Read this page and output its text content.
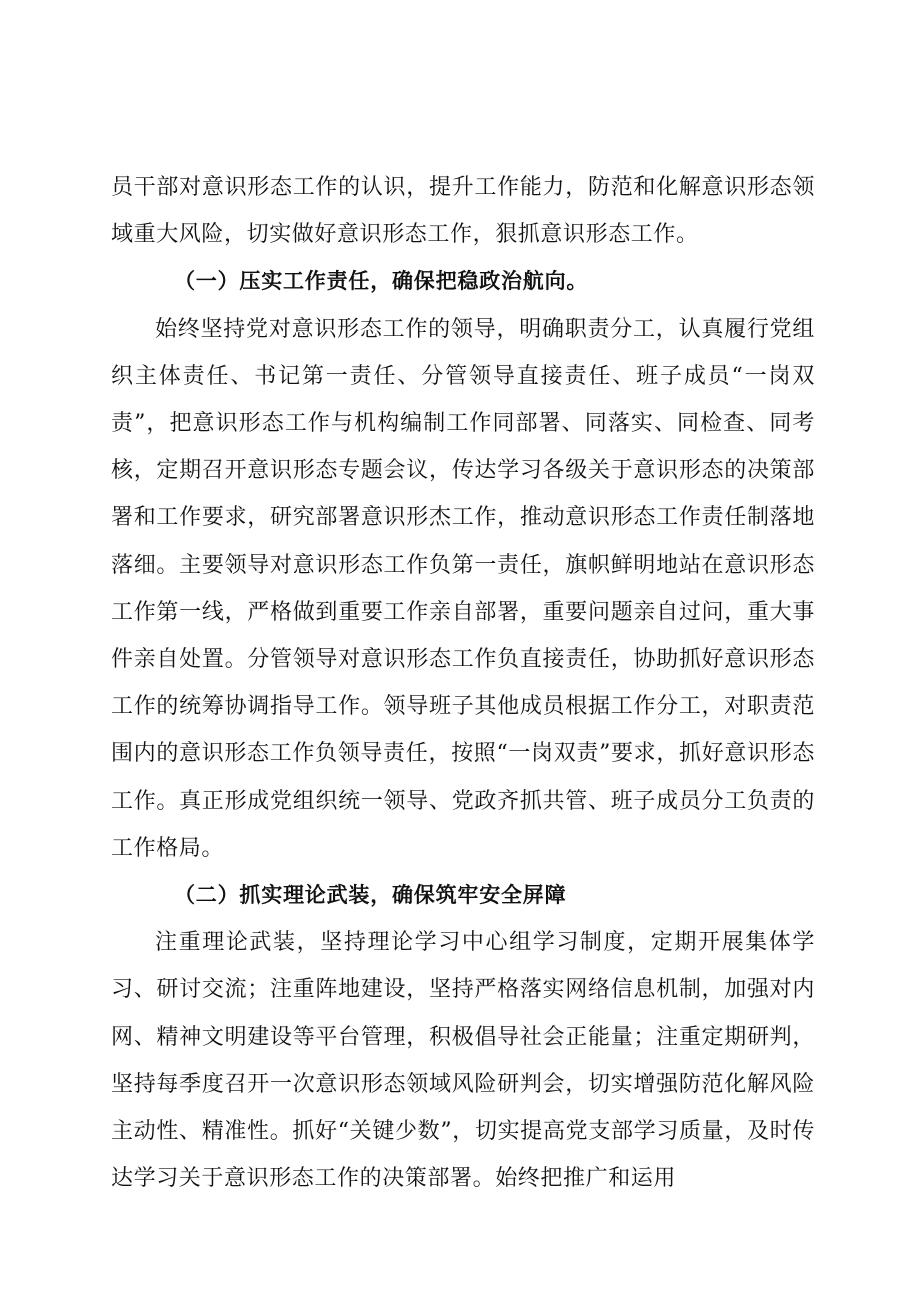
员干部对意识形态工作的认识，提升工作能力，防范和化解意识形态领域重大风险，切实做好意识形态工作，狠抓意识形态工作。

（一）压实工作责任，确保把稳政治航向。

始终坚持党对意识形态工作的领导，明确职责分工，认真履行党组织主体责任、书记第一责任、分管领导直接责任、班子成员“一岗双责”，把意识形态工作与机构编制工作同部署、同落实、同检查、同考核，定期召开意识形态专题会议，传达学习各级关于意识形态的决策部署和工作要求，研究部署意识形杰工作，推动意识形态工作责任制落地落细。主要领导对意识形态工作负第一责任，旗帜鲜明地站在意识形态工作第一线，严格做到重要工作亲自部署，重要问题亲自过问，重大事件亲自处置。分管领导对意识形态工作负直接责任，协助抓好意识形态工作的统筹协调指导工作。领导班子其他成员根据工作分工，对职责范围内的意识形态工作负领导责任，按照“一岗双责”要求，抓好意识形态工作。真正形成党组织统一领导、党政齐抓共管、班子成员分工负责的工作格局。

（二）抓实理论武装，确保筑牢安全屏障

注重理论武装，坚持理论学习中心组学习制度，定期开展集体学习、研讨交流；注重阵地建设，坚持严格落实网络信息机制，加强对内网、精神文明建设等平台管理，积极倡导社会正能量；注重定期研判，坚持每季度召开一次意识形态领域风险研判会，切实增强防范化解风险主动性、精准性。抓好“关键少数”，切实提高党支部学习质量，及时传达学习关于意识形态工作的决策部署。始终把推广和运用
